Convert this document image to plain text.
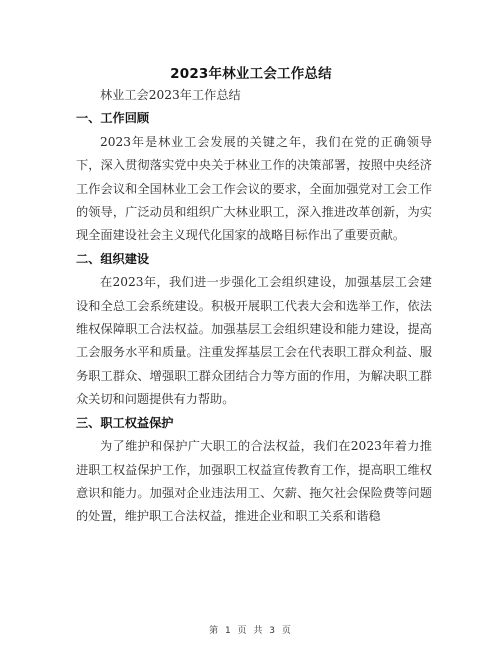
2023年林业工会工作总结

林业工会2023年工作总结

一、工作回顾

2023年是林业工会发展的关键之年，我们在党的正确领导下，深入贯彻落实党中央关于林业工作的决策部署，按照中央经济工作会议和全国林业工会工作会议的要求，全面加强党对工会工作的领导，广泛动员和组织广大林业职工，深入推进改革创新，为实现全面建设社会主义现代化国家的战略目标作出了重要贡献。

二、组织建设

在2023年，我们进一步强化工会组织建设，加强基层工会建设和全总工会系统建设。积极开展职工代表大会和选举工作，依法维权保障职工合法权益。加强基层工会组织建设和能力建设，提高工会服务水平和质量。注重发挥基层工会在代表职工群众利益、服务职工群众、增强职工群众团结合力等方面的作用，为解决职工群众关切和问题提供有力帮助。

三、职工权益保护

为了维护和保护广大职工的合法权益，我们在2023年着力推进职工权益保护工作，加强职工权益宣传教育工作，提高职工维权意识和能力。加强对企业违法用工、欠薪、拖欠社会保险费等问题的处置，维护职工合法权益，推进企业和职工关系和谐稳

第 1 页 共 3 页
